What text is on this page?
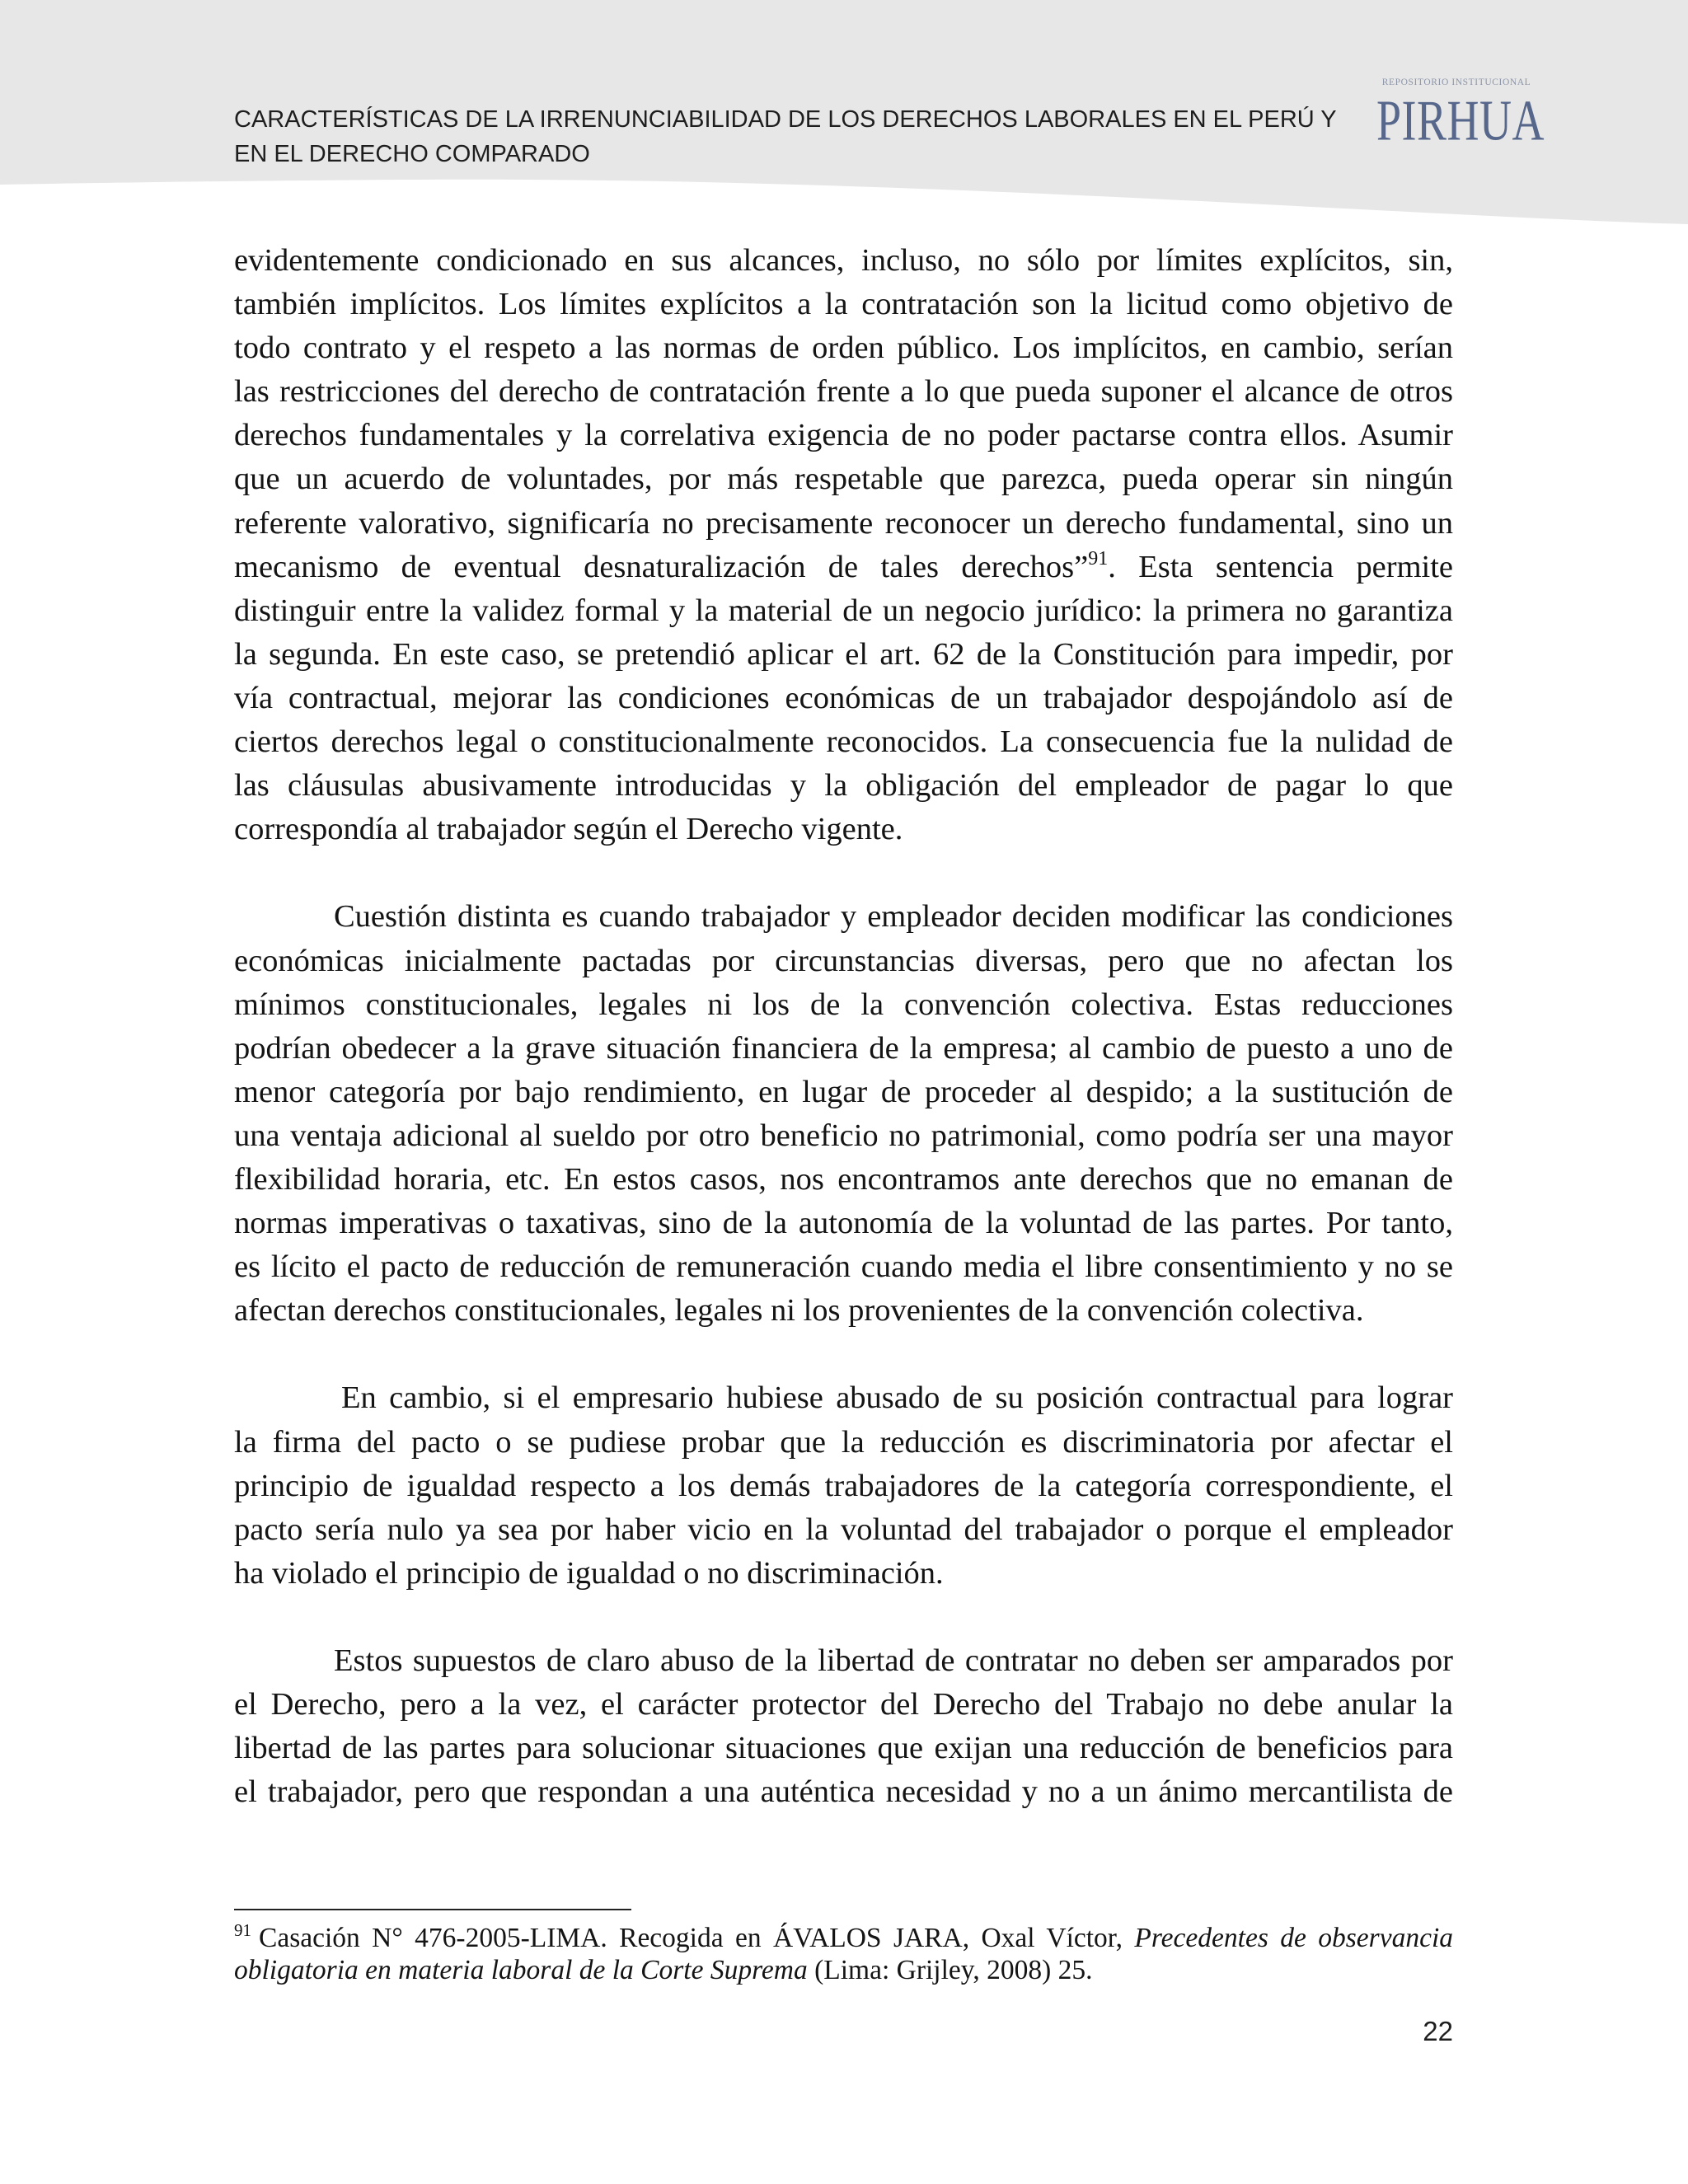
CARACTERÍSTICAS DE LA IRRENUNCIABILIDAD DE LOS DERECHOS LABORALES EN EL PERÚ Y
EN EL DERECHO COMPARADO
REPOSITORIO INSTITUCIONAL
PIRHUA
evidentemente condicionado en sus alcances, incluso, no sólo por límites explícitos, sin,
también implícitos. Los límites explícitos a la contratación son la licitud como objetivo de
todo contrato y el respeto a las normas de orden público. Los implícitos, en cambio, serían
las restricciones del derecho de contratación frente a lo que pueda suponer el alcance de otros
derechos fundamentales y la correlativa exigencia de no poder pactarse contra ellos. Asumir
que un acuerdo de voluntades, por más respetable que parezca, pueda operar sin ningún
referente valorativo, significaría no precisamente reconocer un derecho fundamental, sino un
mecanismo de eventual desnaturalización de tales derechos”$^{91}$. Esta sentencia permite
distinguir entre la validez formal y la material de un negocio jurídico: la primera no garantiza
la segunda. En este caso, se pretendió aplicar el art. 62 de la Constitución para impedir, por
vía contractual, mejorar las condiciones económicas de un trabajador despojándolo así de
ciertos derechos legal o constitucionalmente reconocidos. La consecuencia fue la nulidad de
las cláusulas abusivamente introducidas y la obligación del empleador de pagar lo que
correspondía al trabajador según el Derecho vigente.
Cuestión distinta es cuando trabajador y empleador deciden modificar las condiciones
económicas inicialmente pactadas por circunstancias diversas, pero que no afectan los
mínimos constitucionales, legales ni los de la convención colectiva. Estas reducciones
podrían obedecer a la grave situación financiera de la empresa; al cambio de puesto a uno de
menor categoría por bajo rendimiento, en lugar de proceder al despido; a la sustitución de
una ventaja adicional al sueldo por otro beneficio no patrimonial, como podría ser una mayor
flexibilidad horaria, etc. En estos casos, nos encontramos ante derechos que no emanan de
normas imperativas o taxativas, sino de la autonomía de la voluntad de las partes. Por tanto,
es lícito el pacto de reducción de remuneración cuando media el libre consentimiento y no se
afectan derechos constitucionales, legales ni los provenientes de la convención colectiva.
En cambio, si el empresario hubiese abusado de su posición contractual para lograr
la firma del pacto o se pudiese probar que la reducción es discriminatoria por afectar el
principio de igualdad respecto a los demás trabajadores de la categoría correspondiente, el
pacto sería nulo ya sea por haber vicio en la voluntad del trabajador o porque el empleador
ha violado el principio de igualdad o no discriminación.
Estos supuestos de claro abuso de la libertad de contratar no deben ser amparados por
el Derecho, pero a la vez, el carácter protector del Derecho del Trabajo no debe anular la
libertad de las partes para solucionar situaciones que exijan una reducción de beneficios para
el trabajador, pero que respondan a una auténtica necesidad y no a un ánimo mercantilista de
$^{91}$ Casación N° 476-2005-LIMA. Recogida en ÁVALOS JARA, Oxal Víctor, Precedentes de observancia
obligatoria en materia laboral de la Corte Suprema (Lima: Grijley, 2008) 25.
22
